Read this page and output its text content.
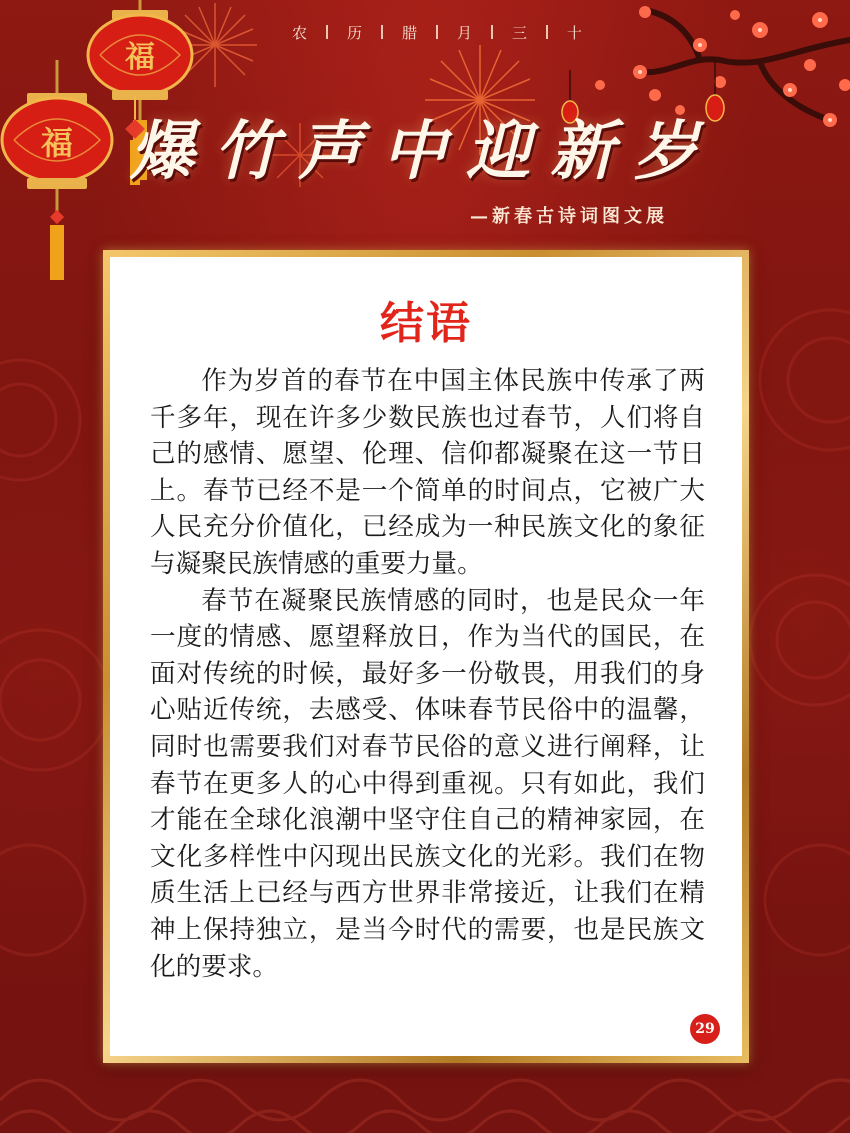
福
福
农	历	腊	月	三	十
爆竹声中迎新岁
—新春古诗词图文展
结语

作为岁首的春节在中国主体民族中传承了两千多年，现在许多少数民族也过春节，人们将自己的感情、愿望、伦理、信仰都凝聚在这一节日上。春节已经不是一个简单的时间点，它被广大人民充分价值化，已经成为一种民族文化的象征与凝聚民族情感的重要力量。

春节在凝聚民族情感的同时，也是民众一年一度的情感、愿望释放日，作为当代的国民，在面对传统的时候，最好多一份敬畏，用我们的身心贴近传统，去感受、体味春节民俗中的温馨，同时也需要我们对春节民俗的意义进行阐释，让春节在更多人的心中得到重视。只有如此，我们才能在全球化浪潮中坚守住自己的精神家园，在文化多样性中闪现出民族文化的光彩。我们在物质生活上已经与西方世界非常接近，让我们在精神上保持独立，是当今时代的需要，也是民族文化的要求。

29
